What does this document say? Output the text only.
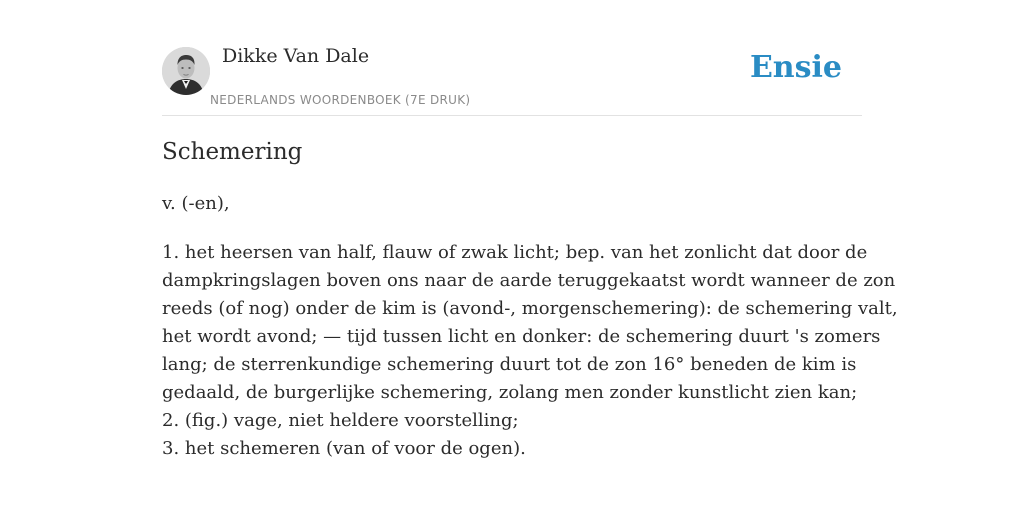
Dikke Van Dale
NEDERLANDS WOORDENBOEK (7E DRUK)
Ensie
Schemering

v. (-en),

1. het heersen van half, flauw of zwak licht; bep. van het zonlicht dat door de
dampkringslagen boven ons naar de aarde teruggekaatst wordt wanneer de zon
reeds (of nog) onder de kim is (avond-, morgenschemering): de schemering valt,
het wordt avond; — tijd tussen licht en donker: de schemering duurt 's zomers
lang; de sterrenkundige schemering duurt tot de zon 16° beneden de kim is
gedaald, de burgerlijke schemering, zolang men zonder kunstlicht zien kan;
2. (fig.) vage, niet heldere voorstelling;
3. het schemeren (van of voor de ogen).
